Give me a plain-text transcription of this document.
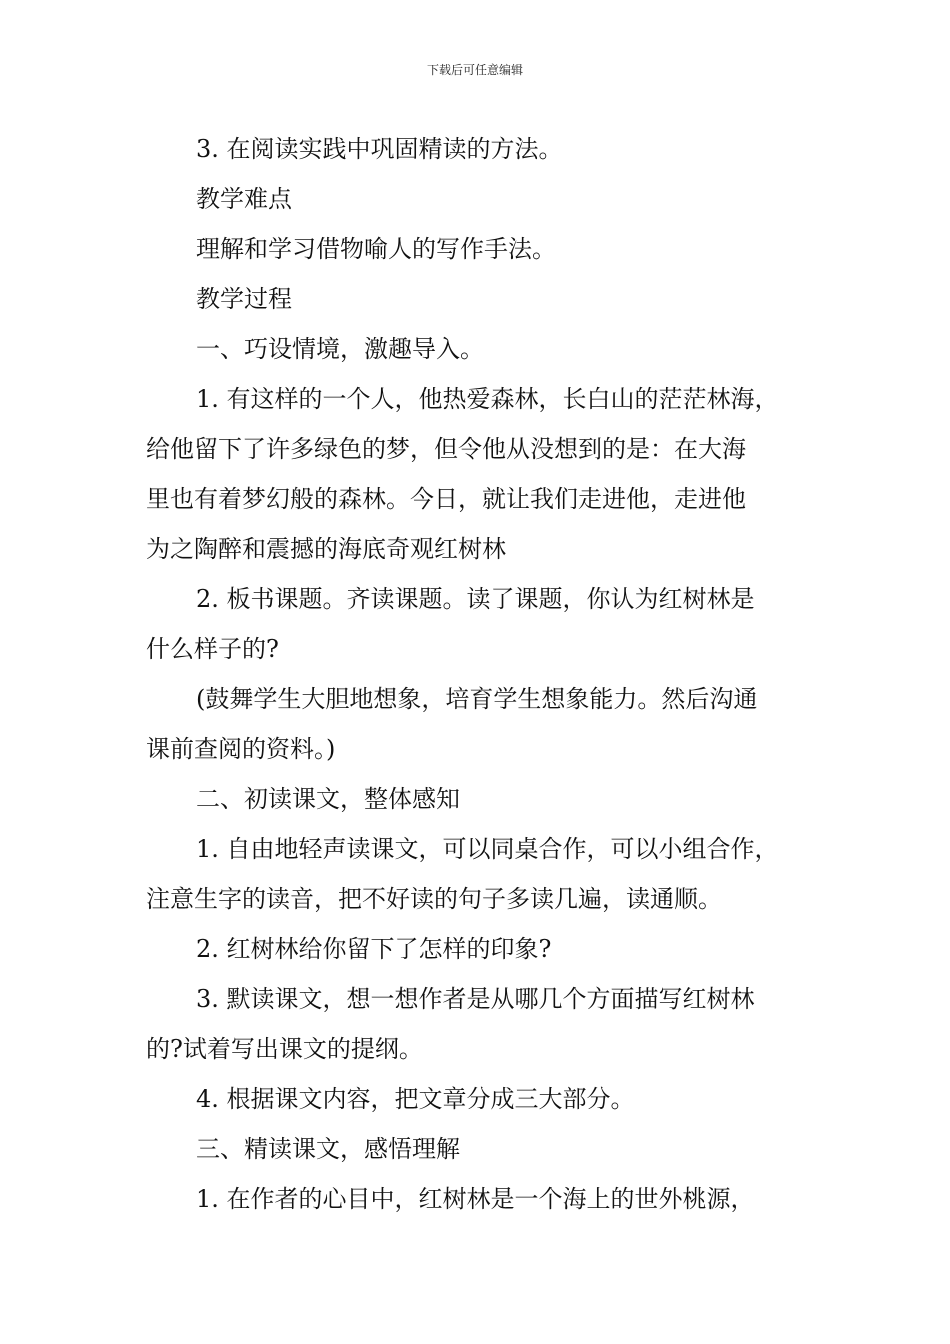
下载后可任意编辑
3. 在阅读实践中巩固精读的方法。
教学难点
理解和学习借物喻人的写作手法。
教学过程
一、巧设情境，激趣导入。
1. 有这样的一个人，他热爱森林，长白山的茫茫林海，
给他留下了许多绿色的梦，但令他从没想到的是：在大海
里也有着梦幻般的森林。今日，就让我们走进他，走进他
为之陶醉和震撼的海底奇观红树林
2. 板书课题。齐读课题。读了课题，你认为红树林是
什么样子的?
(鼓舞学生大胆地想象，培育学生想象能力。然后沟通
课前查阅的资料。)
二、初读课文，整体感知
1. 自由地轻声读课文，可以同桌合作，可以小组合作，
注意生字的读音，把不好读的句子多读几遍，读通顺。
2. 红树林给你留下了怎样的印象?
3. 默读课文，想一想作者是从哪几个方面描写红树林
的?试着写出课文的提纲。
4. 根据课文内容，把文章分成三大部分。
三、精读课文，感悟理解
1. 在作者的心目中，红树林是一个海上的世外桃源，
